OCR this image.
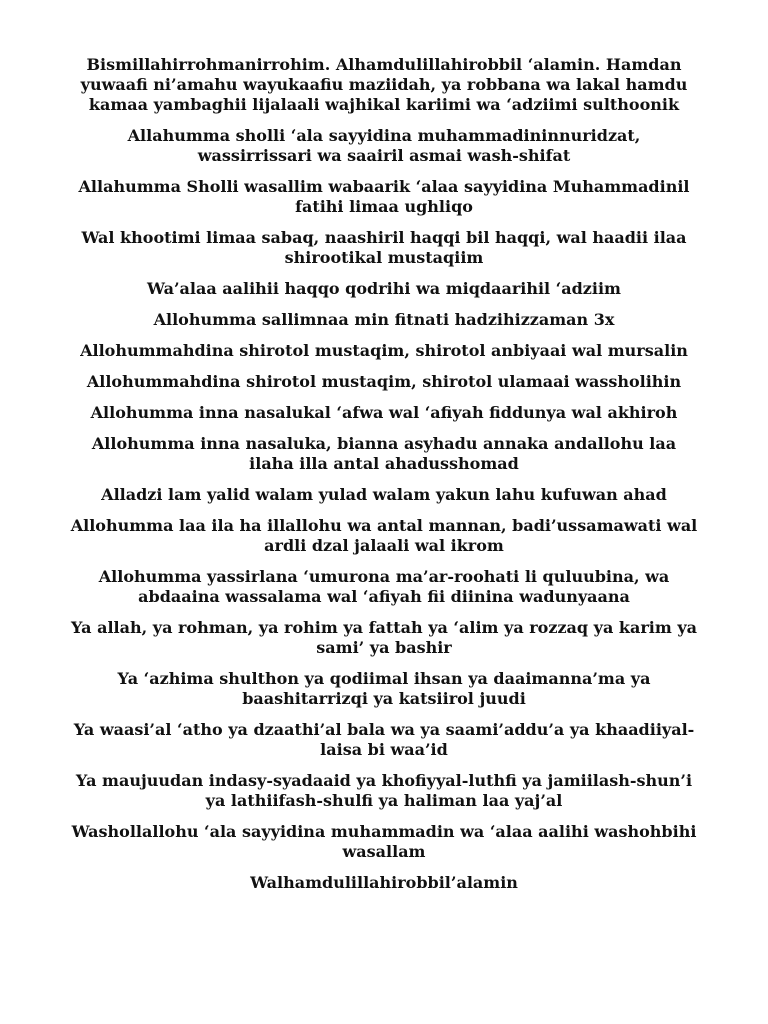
Bismillahirrohmanirrohim. Alhamdulillahirobbil ‘alamin. Hamdan yuwaafi ni’amahu wayukaafiu maziidah, ya robbana wa lakal hamdu kamaa yambaghii lijalaali wajhikal kariimi wa ‘adziimi sulthoonik

Allahumma sholli ‘ala sayyidina muhammadininnuridzat, wassirrissari wa saairil asmai wash-shifat

Allahumma Sholli wasallim wabaarik ‘alaa sayyidina Muhammadinil fatihi limaa ughliqo

Wal khootimi limaa sabaq, naashiril haqqi bil haqqi, wal haadii ilaa shirootikal mustaqiim

Wa’alaa aalihii haqqo qodrihi wa miqdaarihil ‘adziim

Allohumma sallimnaa min fitnati hadzihizzaman 3x

Allohummahdina shirotol mustaqim, shirotol anbiyaai wal mursalin

Allohummahdina shirotol mustaqim, shirotol ulamaai wassholihin

Allohumma inna nasalukal ‘afwa wal ‘afiyah fiddunya wal akhiroh

Allohumma inna nasaluka, bianna asyhadu annaka andallohu laa ilaha illa antal ahadusshomad

Alladzi lam yalid walam yulad walam yakun lahu kufuwan ahad

Allohumma laa ila ha illallohu wa antal mannan, badi’ussamawati wal ardli dzal jalaali wal ikrom

Allohumma yassirlana ‘umurona ma’ar-roohati li quluubina, wa abdaaina wassalama wal ‘afiyah fii diinina wadunyaana

Ya allah, ya rohman, ya rohim ya fattah ya ‘alim ya rozzaq ya karim ya sami’ ya bashir

Ya ‘azhima shulthon ya qodiimal ihsan ya daaimanna’ma ya baashitarrizqi ya katsiirol juudi

Ya waasi’al ‘atho ya dzaathi’al bala wa ya saami’addu’a ya khaadiiyal-laisa bi waa’id

Ya maujuudan indasy-syadaaid ya khofiyyal-luthfi ya jamiilash-shun’i ya lathiifash-shulfi ya haliman laa yaj’al

Washollallohu ‘ala sayyidina muhammadin wa ‘alaa aalihi washohbihi wasallam

Walhamdulillahirobbil’alamin
